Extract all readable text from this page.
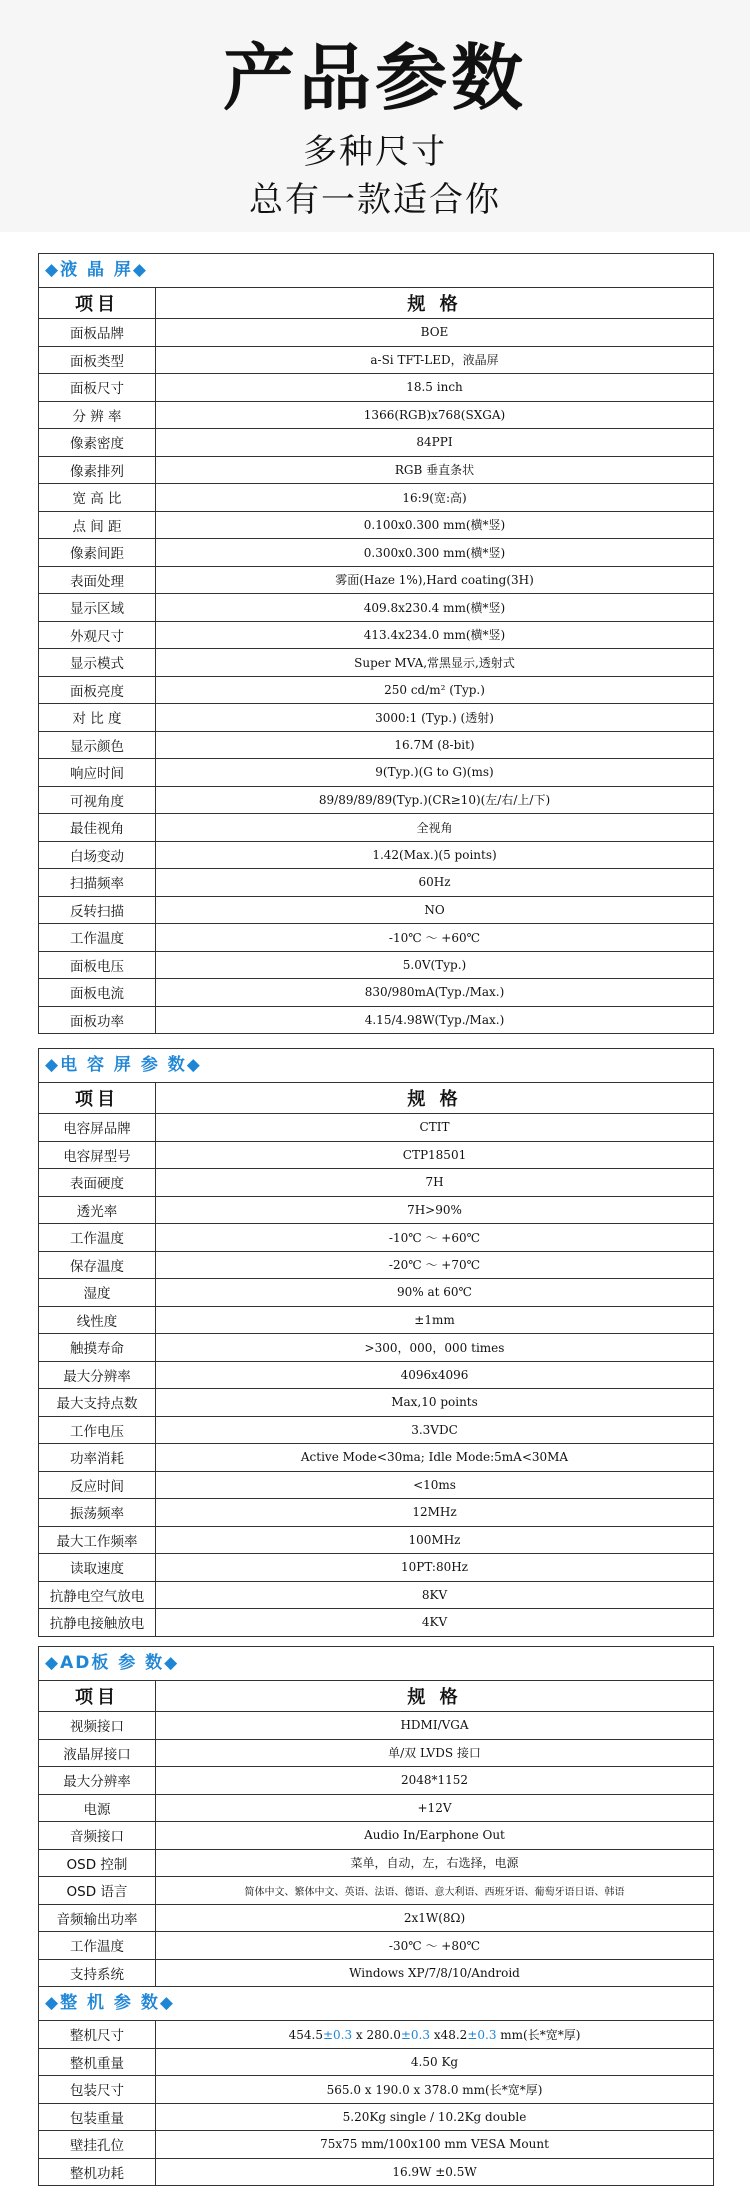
产品参数
多种尺寸
总有一款适合你
◆液 晶 屏◆
项目	规 格
面板品牌	BOE
面板类型	a-Si TFT-LED，液晶屏
面板尺寸	18.5 inch
分 辨 率	1366(RGB)x768(SXGA)
像素密度	84PPI
像素排列	RGB 垂直条状
宽 高 比	16:9(宽:高)
点 间 距	0.100x0.300 mm(横*竖)
像素间距	0.300x0.300 mm(横*竖)
表面处理	雾面(Haze 1%),Hard coating(3H)
显示区域	409.8x230.4 mm(横*竖)
外观尺寸	413.4x234.0 mm(横*竖)
显示模式	Super MVA,常黑显示,透射式
面板亮度	250 cd/m² (Typ.)
对 比 度	3000:1 (Typ.) (透射)
显示颜色	16.7M (8-bit)
响应时间	9(Typ.)(G to G)(ms)
可视角度	89/89/89/89(Typ.)(CR≥10)(左/右/上/下)
最佳视角	全视角
白场变动	1.42(Max.)(5 points)
扫描频率	60Hz
反转扫描	NO
工作温度	-10℃ ～ +60℃
面板电压	5.0V(Typ.)
面板电流	830/980mA(Typ./Max.)
面板功率	4.15/4.98W(Typ./Max.)
◆电 容 屏 参 数◆
项目	规 格
电容屏品牌	CTIT
电容屏型号	CTP18501
表面硬度	7H
透光率	7H>90%
工作温度	-10℃ ～ +60℃
保存温度	-20℃ ～ +70℃
湿度	90% at 60℃
线性度	±1mm
触摸寿命	>300，000，000 times
最大分辨率	4096x4096
最大支持点数	Max,10 points
工作电压	3.3VDC
功率消耗	Active Mode<30ma; Idle Mode:5mA<30MA
反应时间	<10ms
振荡频率	12MHz
最大工作频率	100MHz
读取速度	10PT:80Hz
抗静电空气放电	8KV
抗静电接触放电	4KV
◆AD板 参 数◆
项目	规 格
视频接口	HDMI/VGA
液晶屏接口	单/双 LVDS 接口
最大分辨率	2048*1152
电源	+12V
音频接口	Audio In/Earphone Out
OSD 控制	菜单，自动，左，右选择，电源
OSD 语言	简体中文、繁体中文、英语、法语、德语、意大利语、西班牙语、葡萄牙语日语、韩语
音频输出功率	2x1W(8Ω)
工作温度	-30℃ ～ +80℃
支持系统	Windows XP/7/8/10/Android
◆整 机 参 数◆
整机尺寸	454.5±0.3 x 280.0±0.3 x48.2±0.3 mm(长*宽*厚)
整机重量	4.50 Kg
包装尺寸	565.0 x 190.0 x 378.0 mm(长*宽*厚)
包装重量	5.20Kg single / 10.2Kg double
壁挂孔位	75x75 mm/100x100 mm VESA Mount
整机功耗	16.9W ±0.5W
